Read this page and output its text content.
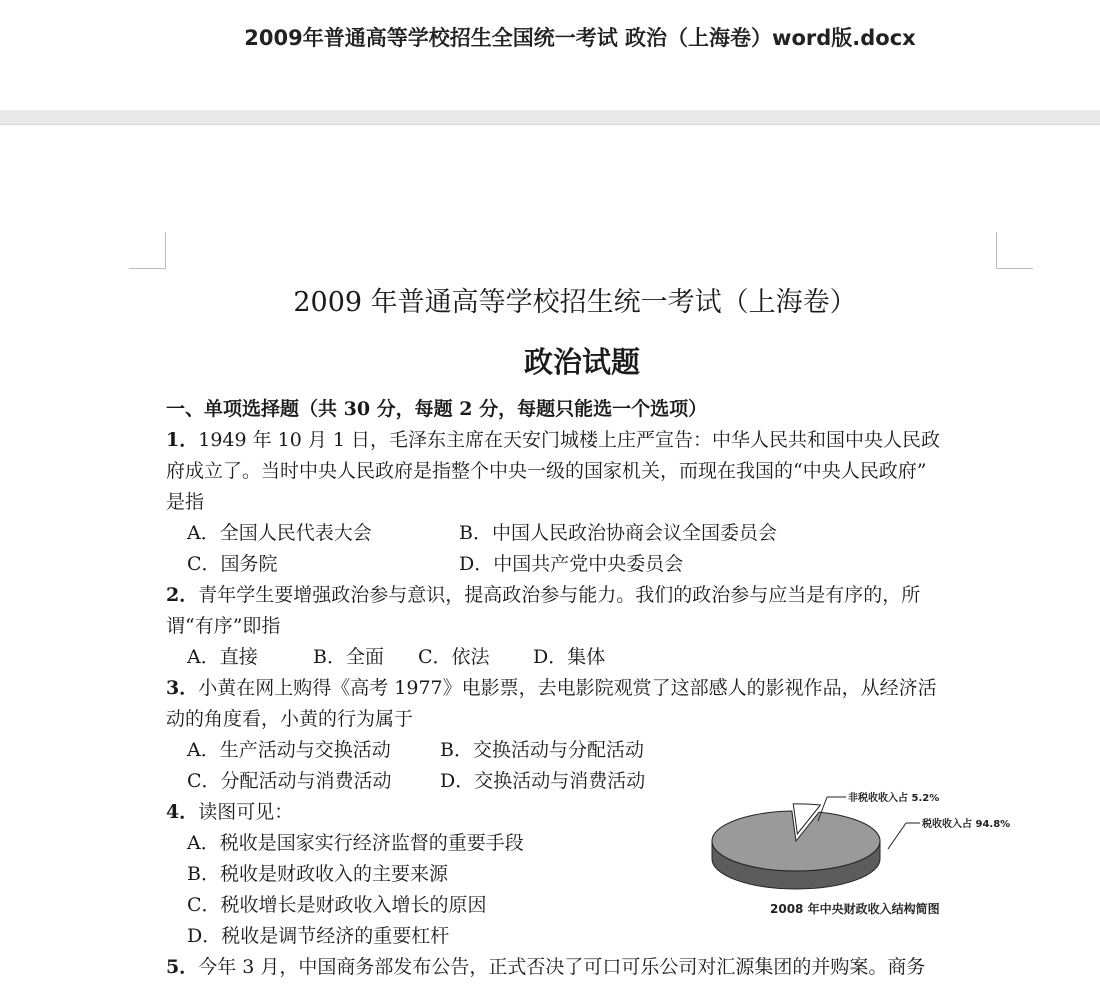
2009年普通高等学校招生全国统一考试 政治（上海卷）word版.docx
2009 年普通高等学校招生统一考试（上海卷）
政治试题
一、单项选择题（共 30 分，每题 2 分，每题只能选一个选项）
1．1949 年 10 月 1 日，毛泽东主席在天安门城楼上庄严宣告：中华人民共和国中央人民政
府成立了。当时中央人民政府是指整个中央一级的国家机关，而现在我国的“中央人民政府”
是指
A．全国人民代表大会	B．中国人民政治协商会议全国委员会
C．国务院	D．中国共产党中央委员会
2．青年学生要增强政治参与意识，提高政治参与能力。我们的政治参与应当是有序的，所
谓“有序”即指
A．直接	B．全面 C．依法 D．集体
3．小黄在网上购得《高考 1977》电影票，去电影院观赏了这部感人的影视作品，从经济活
动的角度看，小黄的行为属于
A．生产活动与交换活动	B．交换活动与分配活动
C．分配活动与消费活动	D．交换活动与消费活动
4．读图可见：
A．税收是国家实行经济监督的重要手段
B．税收是财政收入的主要来源
C．税收增长是财政收入增长的原因
D．税收是调节经济的重要杠杆
5．今年 3 月，中国商务部发布公告，正式否决了可口可乐公司对汇源集团的并购案。商务
非税收收入占 5.2%
税收收入占 94.8%
2008 年中央财政收入结构简图
